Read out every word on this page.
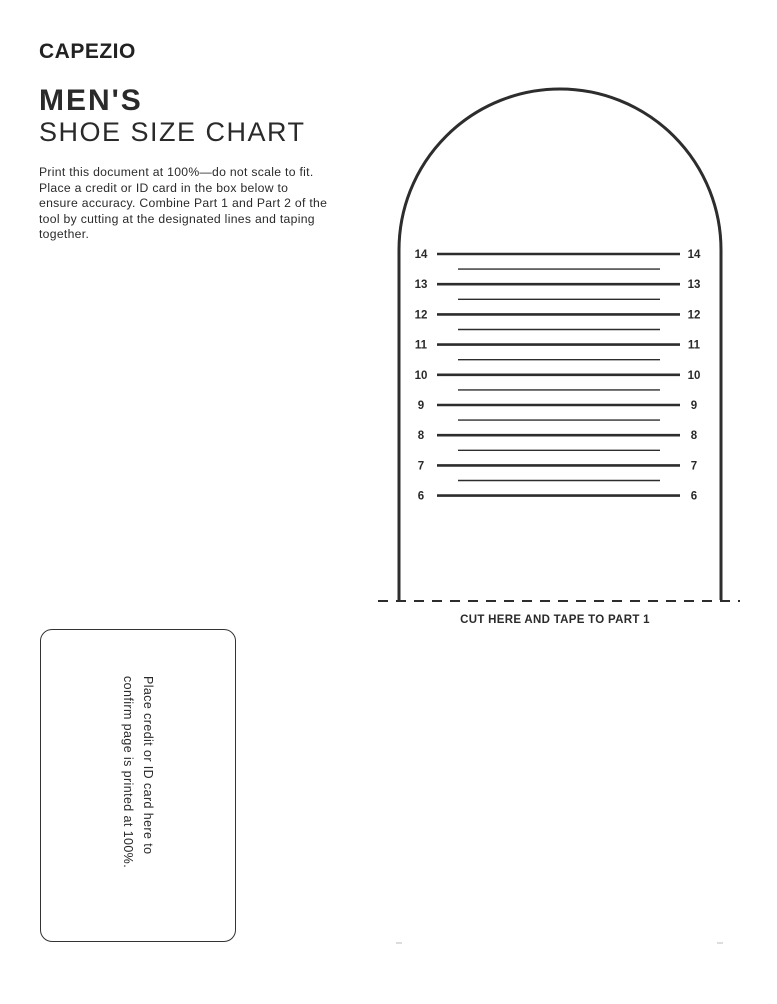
CAPEZIO
MEN'S
SHOE SIZE CHART

Print this document at 100%—do not scale to fit. Place a credit or ID card in the box below to ensure accuracy. Combine Part 1 and Part 2 of the tool by cutting at the designated lines and taping together.

14	14
13	13
12	12
11	11
10	10
9	9
8	8
7	7
6	6
CUT HERE AND TAPE TO PART 1
Place credit or ID card here to
confirm page is printed at 100%.
